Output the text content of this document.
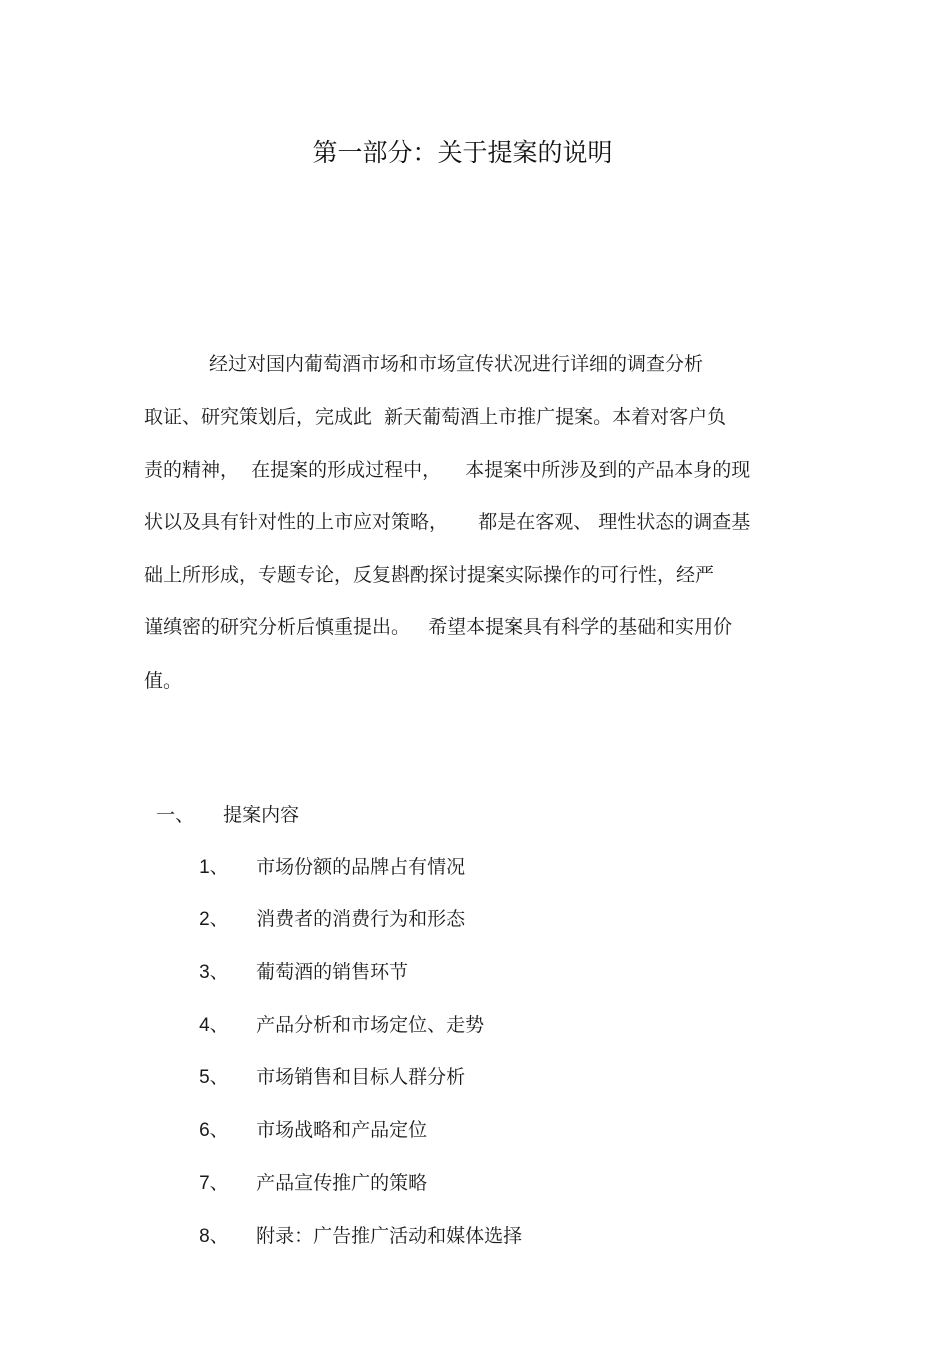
第一部分：关于提案的说明
经过对国内葡萄酒市场和市场宣传状况进行详细的调查分析
取证、研究策划后，完成此  新天葡萄酒上市推广提案。本着对客户负
责的精神，  在提案的形成过程中，    本提案中所涉及到的产品本身的现
状以及具有针对性的上市应对策略，     都是在客观、 理性状态的调查基
础上所形成，专题专论，反复斟酌探讨提案实际操作的可行性，经严
谨缜密的研究分析后慎重提出。   希望本提案具有科学的基础和实用价
值。

一、 提案内容

1、 市场份额的品牌占有情况

2、 消费者的消费行为和形态

3、 葡萄酒的销售环节

4、 产品分析和市场定位、走势

5、 市场销售和目标人群分析

6、 市场战略和产品定位

7、 产品宣传推广的策略

8、 附录：广告推广活动和媒体选择
